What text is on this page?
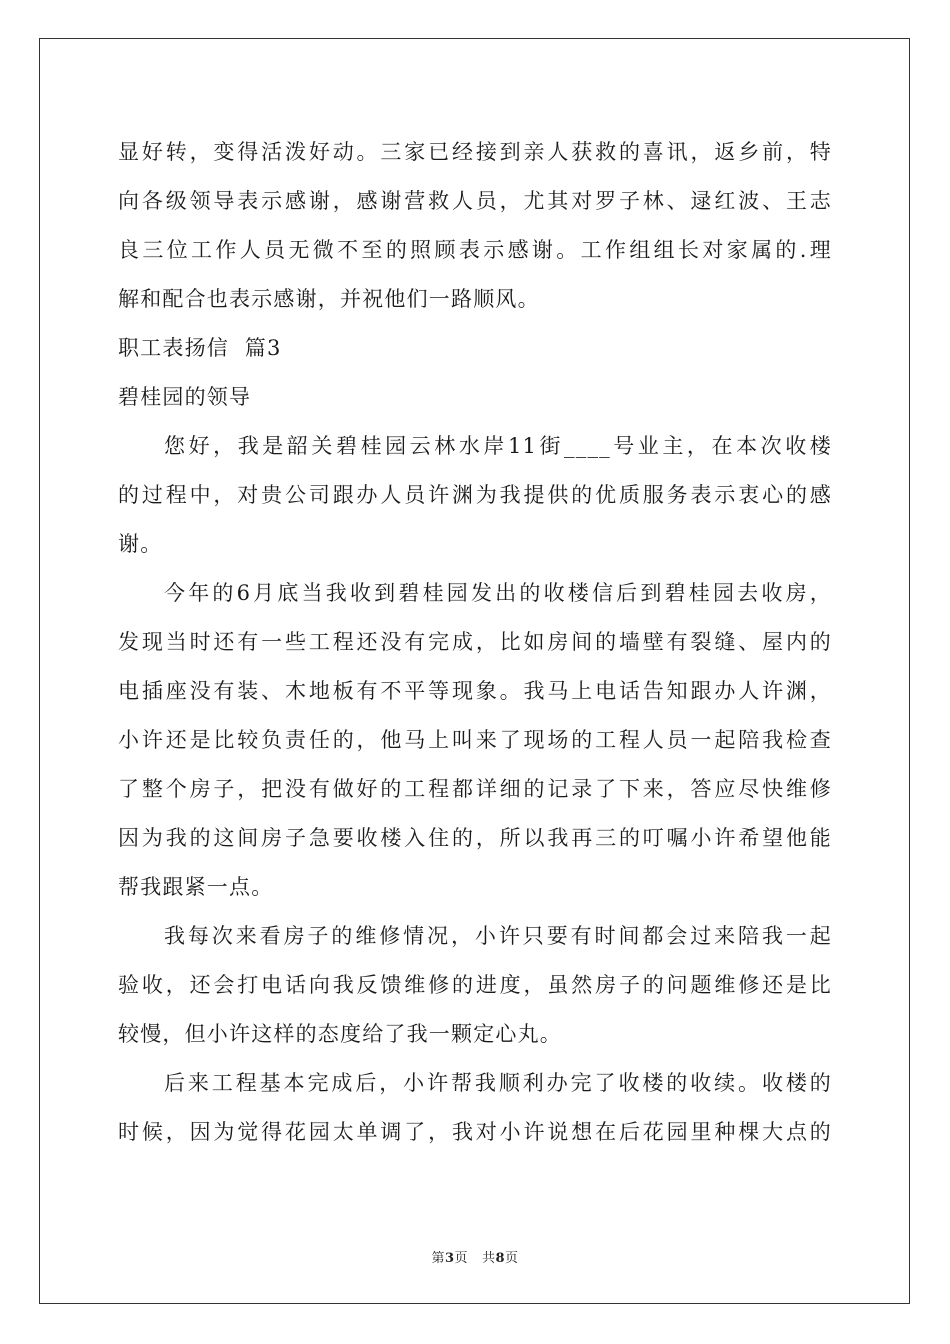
显好转，变得活泼好动。三家已经接到亲人获救的喜讯，返乡前，特
向各级领导表示感谢，感谢营救人员，尤其对罗子林、逯红波、王志
良三位工作人员无微不至的照顾表示感谢。工作组组长对家属的.理
解和配合也表示感谢，并祝他们一路顺风。
职工表扬信  篇3
碧桂园的领导
您好，我是韶关碧桂园云林水岸11街____号业主，在本次收楼
的过程中，对贵公司跟办人员许渊为我提供的优质服务表示衷心的感
谢。
今年的6月底当我收到碧桂园发出的收楼信后到碧桂园去收房，
发现当时还有一些工程还没有完成，比如房间的墙壁有裂缝、屋内的
电插座没有装、木地板有不平等现象。我马上电话告知跟办人许渊，
小许还是比较负责任的，他马上叫来了现场的工程人员一起陪我检查
了整个房子，把没有做好的工程都详细的记录了下来，答应尽快维修
因为我的这间房子急要收楼入住的，所以我再三的叮嘱小许希望他能
帮我跟紧一点。
我每次来看房子的维修情况，小许只要有时间都会过来陪我一起
验收，还会打电话向我反馈维修的进度，虽然房子的问题维修还是比
较慢，但小许这样的态度给了我一颗定心丸。
后来工程基本完成后，小许帮我顺利办完了收楼的收续。收楼的
时候，因为觉得花园太单调了，我对小许说想在后花园里种棵大点的
第3页   共8页
